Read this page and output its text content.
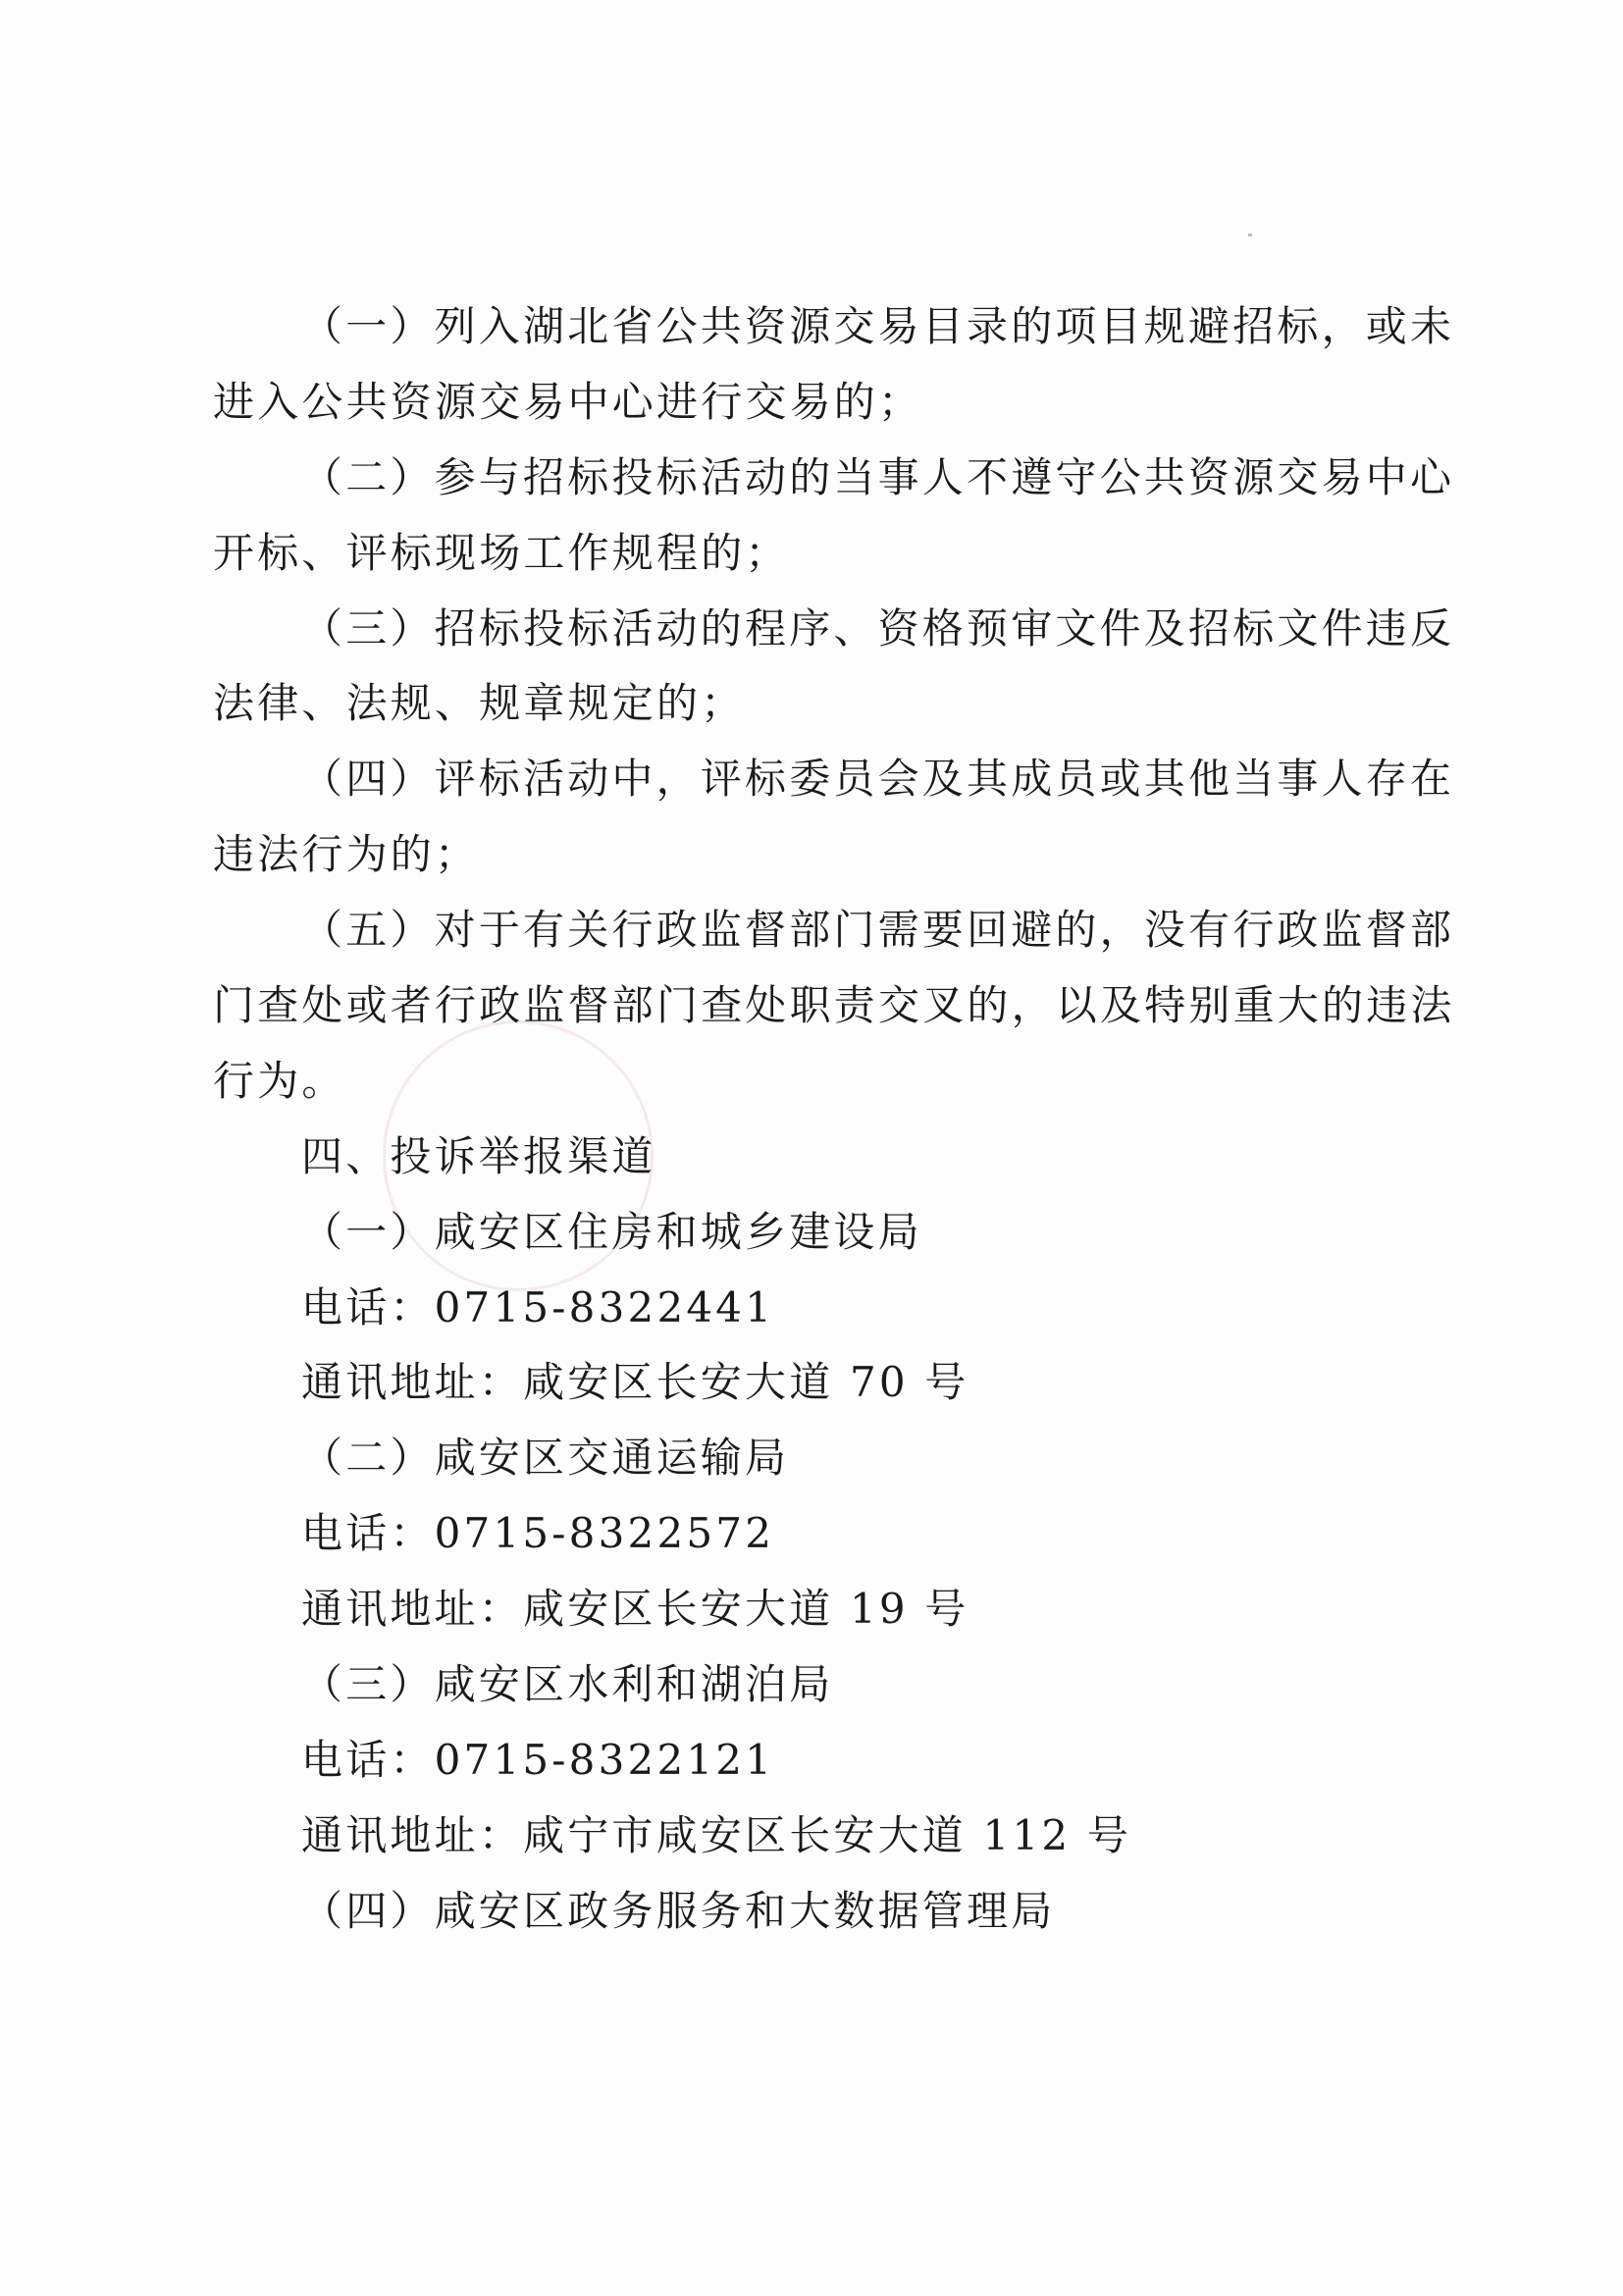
（一）列入湖北省公共资源交易目录的项目规避招标，或未
进入公共资源交易中心进行交易的；
（二）参与招标投标活动的当事人不遵守公共资源交易中心
开标、评标现场工作规程的；
（三）招标投标活动的程序、资格预审文件及招标文件违反
法律、法规、规章规定的；
（四）评标活动中，评标委员会及其成员或其他当事人存在
违法行为的；
（五）对于有关行政监督部门需要回避的，没有行政监督部
门查处或者行政监督部门查处职责交叉的，以及特别重大的违法
行为。
四、投诉举报渠道
（一）咸安区住房和城乡建设局
电话：0715-8322441
通讯地址：咸安区长安大道 70 号
（二）咸安区交通运输局
电话：0715-8322572
通讯地址：咸安区长安大道 19 号
（三）咸安区水利和湖泊局
电话：0715-8322121
通讯地址：咸宁市咸安区长安大道 112 号
（四）咸安区政务服务和大数据管理局
